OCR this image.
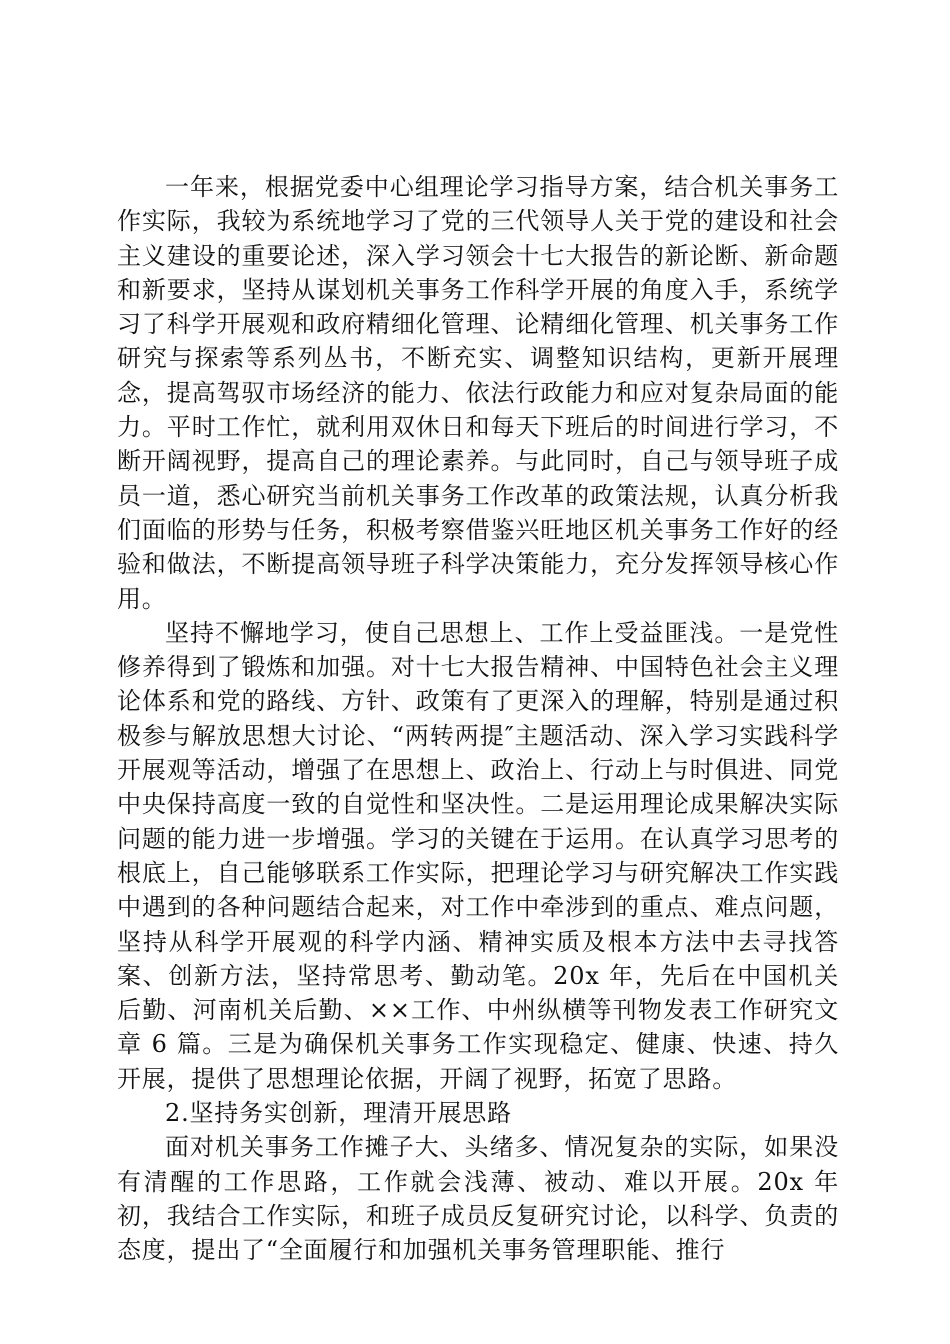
一年来，根据党委中心组理论学习指导方案，结合机关事务工作实际，我较为系统地学习了党的三代领导人关于党的建设和社会主义建设的重要论述，深入学习领会十七大报告的新论断、新命题和新要求，坚持从谋划机关事务工作科学开展的角度入手，系统学习了科学开展观和政府精细化管理、论精细化管理、机关事务工作研究与探索等系列丛书，不断充实、调整知识结构，更新开展理念，提高驾驭市场经济的能力、依法行政能力和应对复杂局面的能力。平时工作忙，就利用双休日和每天下班后的时间进行学习，不断开阔视野，提高自己的理论素养。与此同时，自己与领导班子成员一道，悉心研究当前机关事务工作改革的政策法规，认真分析我们面临的形势与任务，积极考察借鉴兴旺地区机关事务工作好的经验和做法，不断提高领导班子科学决策能力，充分发挥领导核心作用。

坚持不懈地学习，使自己思想上、工作上受益匪浅。一是党性修养得到了锻炼和加强。对十七大报告精神、中国特色社会主义理论体系和党的路线、方针、政策有了更深入的理解，特别是通过积极参与解放思想大讨论、“两转两提″主题活动、深入学习实践科学开展观等活动，增强了在思想上、政治上、行动上与时俱进、同党中央保持高度一致的自觉性和坚决性。二是运用理论成果解决实际问题的能力进一步增强。学习的关键在于运用。在认真学习思考的根底上，自己能够联系工作实际，把理论学习与研究解决工作实践中遇到的各种问题结合起来，对工作中牵涉到的重点、难点问题，坚持从科学开展观的科学内涵、精神实质及根本方法中去寻找答案、创新方法，坚持常思考、勤动笔。20x 年，先后在中国机关后勤、河南机关后勤、××工作、中州纵横等刊物发表工作研究文章 6 篇。三是为确保机关事务工作实现稳定、健康、快速、持久开展，提供了思想理论依据，开阔了视野，拓宽了思路。

2.坚持务实创新，理清开展思路

面对机关事务工作摊子大、头绪多、情况复杂的实际，如果没有清醒的工作思路，工作就会浅薄、被动、难以开展。20x 年初，我结合工作实际，和班子成员反复研究讨论，以科学、负责的态度，提出了“全面履行和加强机关事务管理职能、推行
